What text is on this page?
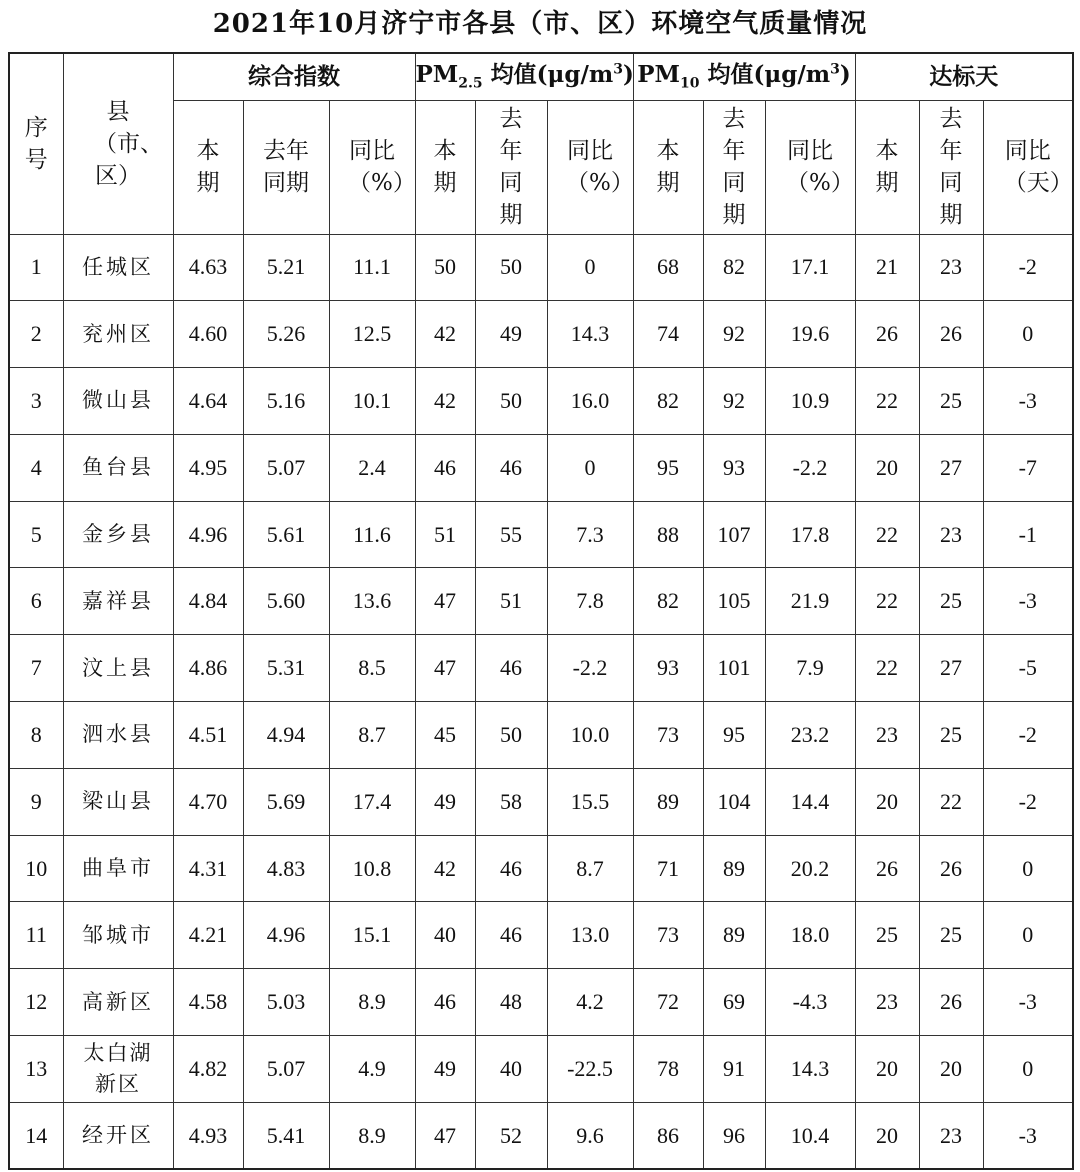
2021年10月济宁市各县（市、区）环境空气质量情况
序号	县（市、区）	综合指数			$PM_{2.5}$ 均值$(\mu g/m^3)$			$PM_{10}$ 均值$(\mu g/m^3)$			达标天		

		本期	去年同期	同比（%）	本期	去年同期	同比（%）	本期	去年同期	同比（%）	本期	去年同期	同比（天）

1	任城区	4.63	5.21	11.1	50	50	0	68	82	17.1	21	23	-2
2	兖州区	4.60	5.26	12.5	42	49	14.3	74	92	19.6	26	26	0
3	微山县	4.64	5.16	10.1	42	50	16.0	82	92	10.9	22	25	-3
4	鱼台县	4.95	5.07	2.4	46	46	0	95	93	-2.2	20	27	-7
5	金乡县	4.96	5.61	11.6	51	55	7.3	88	107	17.8	22	23	-1
6	嘉祥县	4.84	5.60	13.6	47	51	7.8	82	105	21.9	22	25	-3
7	汶上县	4.86	5.31	8.5	47	46	-2.2	93	101	7.9	22	27	-5
8	泗水县	4.51	4.94	8.7	45	50	10.0	73	95	23.2	23	25	-2
9	梁山县	4.70	5.69	17.4	49	58	15.5	89	104	14.4	20	22	-2
10	曲阜市	4.31	4.83	10.8	42	46	8.7	71	89	20.2	26	26	0
11	邹城市	4.21	4.96	15.1	40	46	13.0	73	89	18.0	25	25	0
12	高新区	4.58	5.03	8.9	46	48	4.2	72	69	-4.3	23	26	-3
13	太白湖
新区	4.82	5.07	4.9	49	40	-22.5	78	91	14.3	20	20	0
14	经开区	4.93	5.41	8.9	47	52	9.6	86	96	10.4	20	23	-3
